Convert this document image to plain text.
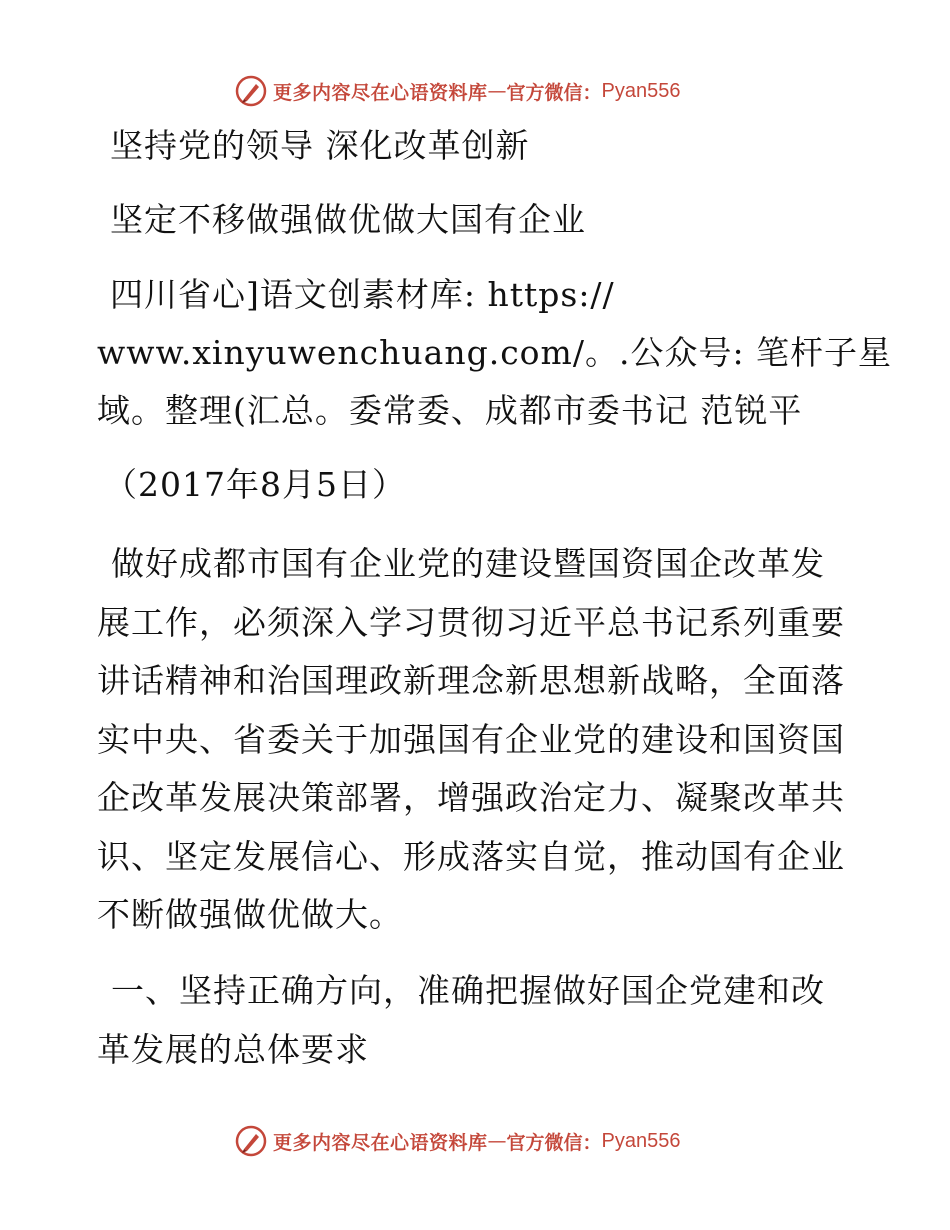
更多内容尽在心语资料库 — 官方微信： Pyan556
坚持党的领导 深化改革创新
坚定不移做强做优做大国有企业
四川省心]语文创素材库: https://
www.xinyuwenchuang.com/。.公众号: 笔杆子星
域。整理(汇总。委常委、成都市委书记 范锐平
（2017年8月5日）
做好成都市国有企业党的建设暨国资国企改革发展工作，必须深入学习贯彻习近平总书记系列重要讲话精神和治国理政新理念新思想新战略，全面落实中央、省委关于加强国有企业党的建设和国资国企改革发展决策部署，增强政治定力、凝聚改革共识、坚定发展信心、形成落实自觉，推动国有企业不断做强做优做大。
一、坚持正确方向，准确把握做好国企党建和改革发展的总体要求
更多内容尽在心语资料库 — 官方微信： Pyan556
